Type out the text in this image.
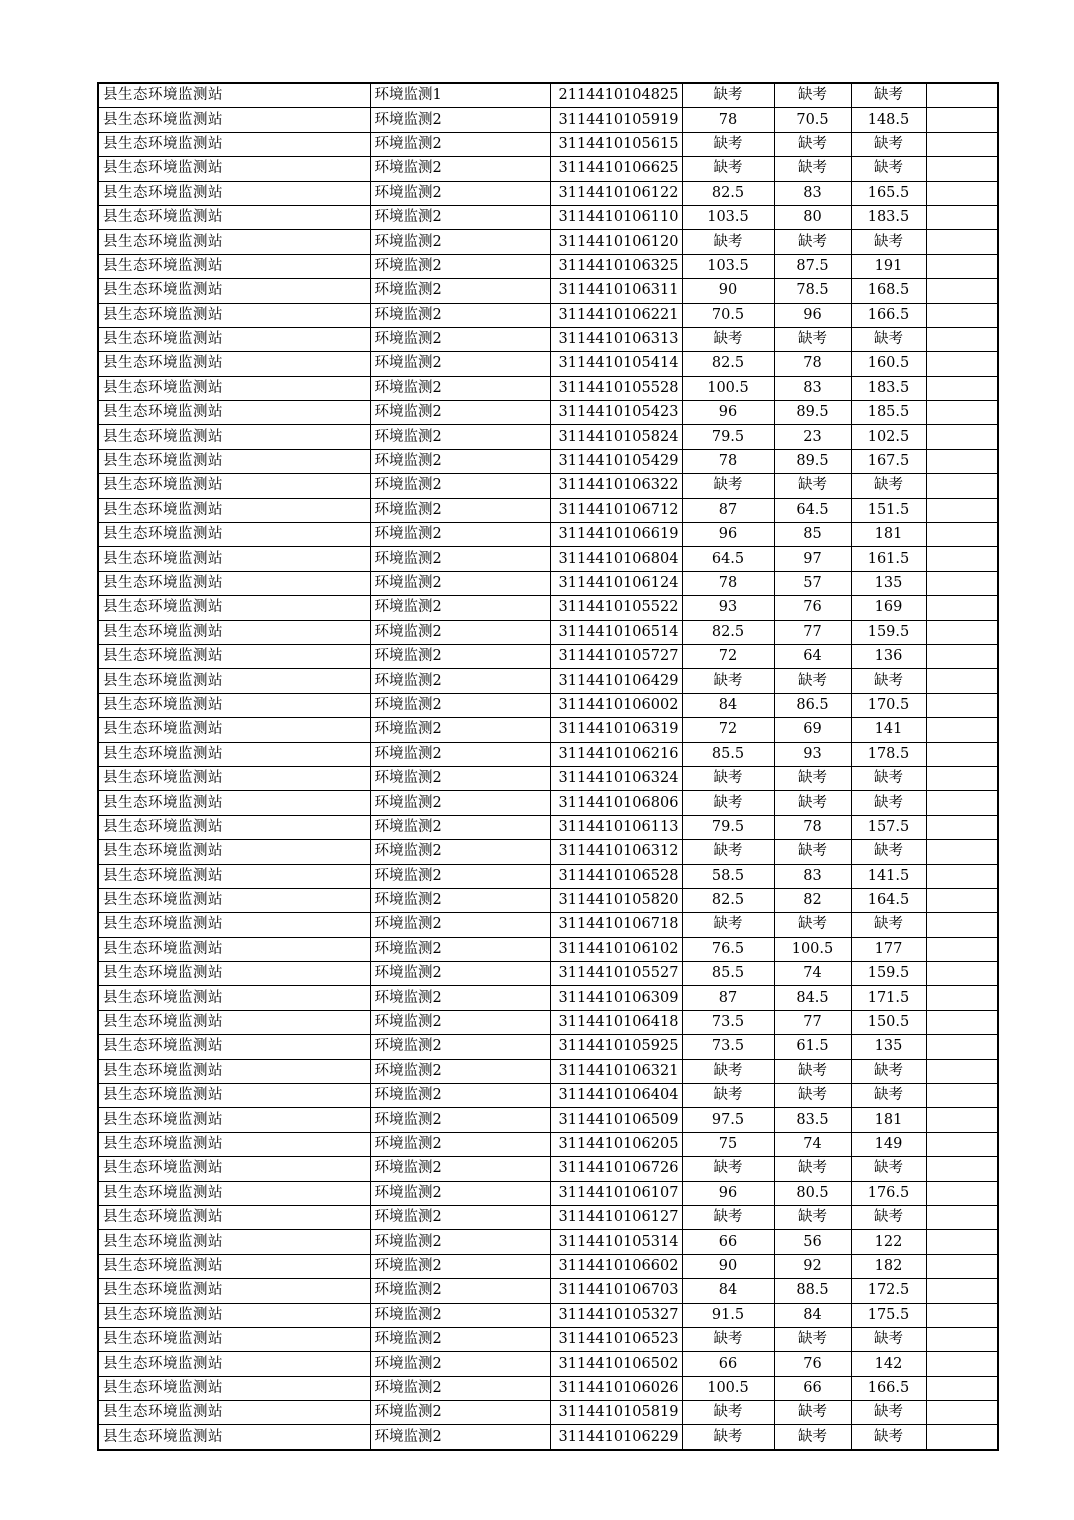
县生态环境监测站	环境监测1	2114410104825	缺考	缺考	缺考	
县生态环境监测站	环境监测2	3114410105919	78	70.5	148.5	
县生态环境监测站	环境监测2	3114410105615	缺考	缺考	缺考	
县生态环境监测站	环境监测2	3114410106625	缺考	缺考	缺考	
县生态环境监测站	环境监测2	3114410106122	82.5	83	165.5	
县生态环境监测站	环境监测2	3114410106110	103.5	80	183.5	
县生态环境监测站	环境监测2	3114410106120	缺考	缺考	缺考	
县生态环境监测站	环境监测2	3114410106325	103.5	87.5	191	
县生态环境监测站	环境监测2	3114410106311	90	78.5	168.5	
县生态环境监测站	环境监测2	3114410106221	70.5	96	166.5	
县生态环境监测站	环境监测2	3114410106313	缺考	缺考	缺考	
县生态环境监测站	环境监测2	3114410105414	82.5	78	160.5	
县生态环境监测站	环境监测2	3114410105528	100.5	83	183.5	
县生态环境监测站	环境监测2	3114410105423	96	89.5	185.5	
县生态环境监测站	环境监测2	3114410105824	79.5	23	102.5	
县生态环境监测站	环境监测2	3114410105429	78	89.5	167.5	
县生态环境监测站	环境监测2	3114410106322	缺考	缺考	缺考	
县生态环境监测站	环境监测2	3114410106712	87	64.5	151.5	
县生态环境监测站	环境监测2	3114410106619	96	85	181	
县生态环境监测站	环境监测2	3114410106804	64.5	97	161.5	
县生态环境监测站	环境监测2	3114410106124	78	57	135	
县生态环境监测站	环境监测2	3114410105522	93	76	169	
县生态环境监测站	环境监测2	3114410106514	82.5	77	159.5	
县生态环境监测站	环境监测2	3114410105727	72	64	136	
县生态环境监测站	环境监测2	3114410106429	缺考	缺考	缺考	
县生态环境监测站	环境监测2	3114410106002	84	86.5	170.5	
县生态环境监测站	环境监测2	3114410106319	72	69	141	
县生态环境监测站	环境监测2	3114410106216	85.5	93	178.5	
县生态环境监测站	环境监测2	3114410106324	缺考	缺考	缺考	
县生态环境监测站	环境监测2	3114410106806	缺考	缺考	缺考	
县生态环境监测站	环境监测2	3114410106113	79.5	78	157.5	
县生态环境监测站	环境监测2	3114410106312	缺考	缺考	缺考	
县生态环境监测站	环境监测2	3114410106528	58.5	83	141.5	
县生态环境监测站	环境监测2	3114410105820	82.5	82	164.5	
县生态环境监测站	环境监测2	3114410106718	缺考	缺考	缺考	
县生态环境监测站	环境监测2	3114410106102	76.5	100.5	177	
县生态环境监测站	环境监测2	3114410105527	85.5	74	159.5	
县生态环境监测站	环境监测2	3114410106309	87	84.5	171.5	
县生态环境监测站	环境监测2	3114410106418	73.5	77	150.5	
县生态环境监测站	环境监测2	3114410105925	73.5	61.5	135	
县生态环境监测站	环境监测2	3114410106321	缺考	缺考	缺考	
县生态环境监测站	环境监测2	3114410106404	缺考	缺考	缺考	
县生态环境监测站	环境监测2	3114410106509	97.5	83.5	181	
县生态环境监测站	环境监测2	3114410106205	75	74	149	
县生态环境监测站	环境监测2	3114410106726	缺考	缺考	缺考	
县生态环境监测站	环境监测2	3114410106107	96	80.5	176.5	
县生态环境监测站	环境监测2	3114410106127	缺考	缺考	缺考	
县生态环境监测站	环境监测2	3114410105314	66	56	122	
县生态环境监测站	环境监测2	3114410106602	90	92	182	
县生态环境监测站	环境监测2	3114410106703	84	88.5	172.5	
县生态环境监测站	环境监测2	3114410105327	91.5	84	175.5	
县生态环境监测站	环境监测2	3114410106523	缺考	缺考	缺考	
县生态环境监测站	环境监测2	3114410106502	66	76	142	
县生态环境监测站	环境监测2	3114410106026	100.5	66	166.5	
县生态环境监测站	环境监测2	3114410105819	缺考	缺考	缺考	
县生态环境监测站	环境监测2	3114410106229	缺考	缺考	缺考	
